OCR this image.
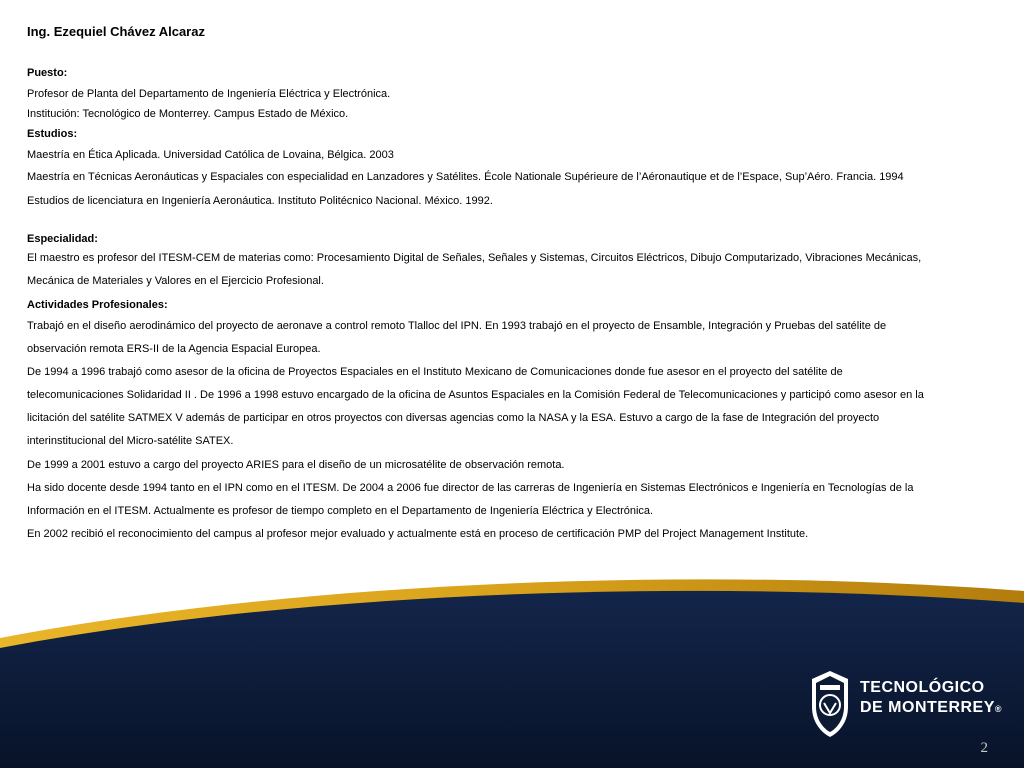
Ing. Ezequiel Chávez Alcaraz
Puesto:

Profesor de Planta del Departamento de Ingeniería Eléctrica y Electrónica.

Institución: Tecnológico de Monterrey. Campus Estado de México.

Estudios:

Maestría en Ética Aplicada. Universidad Católica de Lovaina, Bélgica. 2003

Maestría en Técnicas Aeronáuticas y Espaciales con especialidad en Lanzadores y Satélites. École Nationale Supérieure de l’Aéronautique et de l’Espace, Sup’Aéro. Francia. 1994

Estudios de licenciatura en Ingeniería Aeronáutica. Instituto Politécnico Nacional. México. 1992.

Especialidad:

El maestro es profesor del ITESM-CEM de materias como: Procesamiento Digital de Señales, Señales y Sistemas, Circuitos Eléctricos, Dibujo Computarizado, Vibraciones Mecánicas,

Mecánica de Materiales y Valores en el Ejercicio Profesional.

Actividades Profesionales:

Trabajó en el diseño aerodinámico del proyecto de aeronave a control remoto Tlalloc del IPN. En 1993 trabajó en el proyecto de Ensamble, Integración y Pruebas del satélite de

observación remota ERS-II de la Agencia Espacial Europea.

De 1994 a 1996 trabajó como asesor de la oficina de Proyectos Espaciales en el Instituto Mexicano de Comunicaciones donde fue asesor en el proyecto del satélite de

telecomunicaciones Solidaridad II . De 1996 a 1998 estuvo encargado de la oficina de Asuntos Espaciales en la Comisión Federal de Telecomunicaciones y participó como asesor en la

licitación del satélite SATMEX V además de participar en otros proyectos con diversas agencias como la NASA y la ESA. Estuvo a cargo de la fase de Integración del proyecto

interinstitucional del Micro-satélite SATEX.

De 1999 a 2001 estuvo a cargo del proyecto ARIES para el diseño de un microsatélite de observación remota.

Ha sido docente desde 1994 tanto en el IPN como en el ITESM. De 2004 a 2006 fue director de las carreras de Ingeniería en Sistemas Electrónicos e Ingeniería en Tecnologías de la

Información en el ITESM. Actualmente es profesor de tiempo completo en el Departamento de Ingeniería Eléctrica y Electrónica.

En 2002 recibió el reconocimiento del campus al profesor mejor evaluado y actualmente está en proceso de certificación PMP del Project Management Institute.

TECNOLÓGICO
DE MONTERREY®
2
